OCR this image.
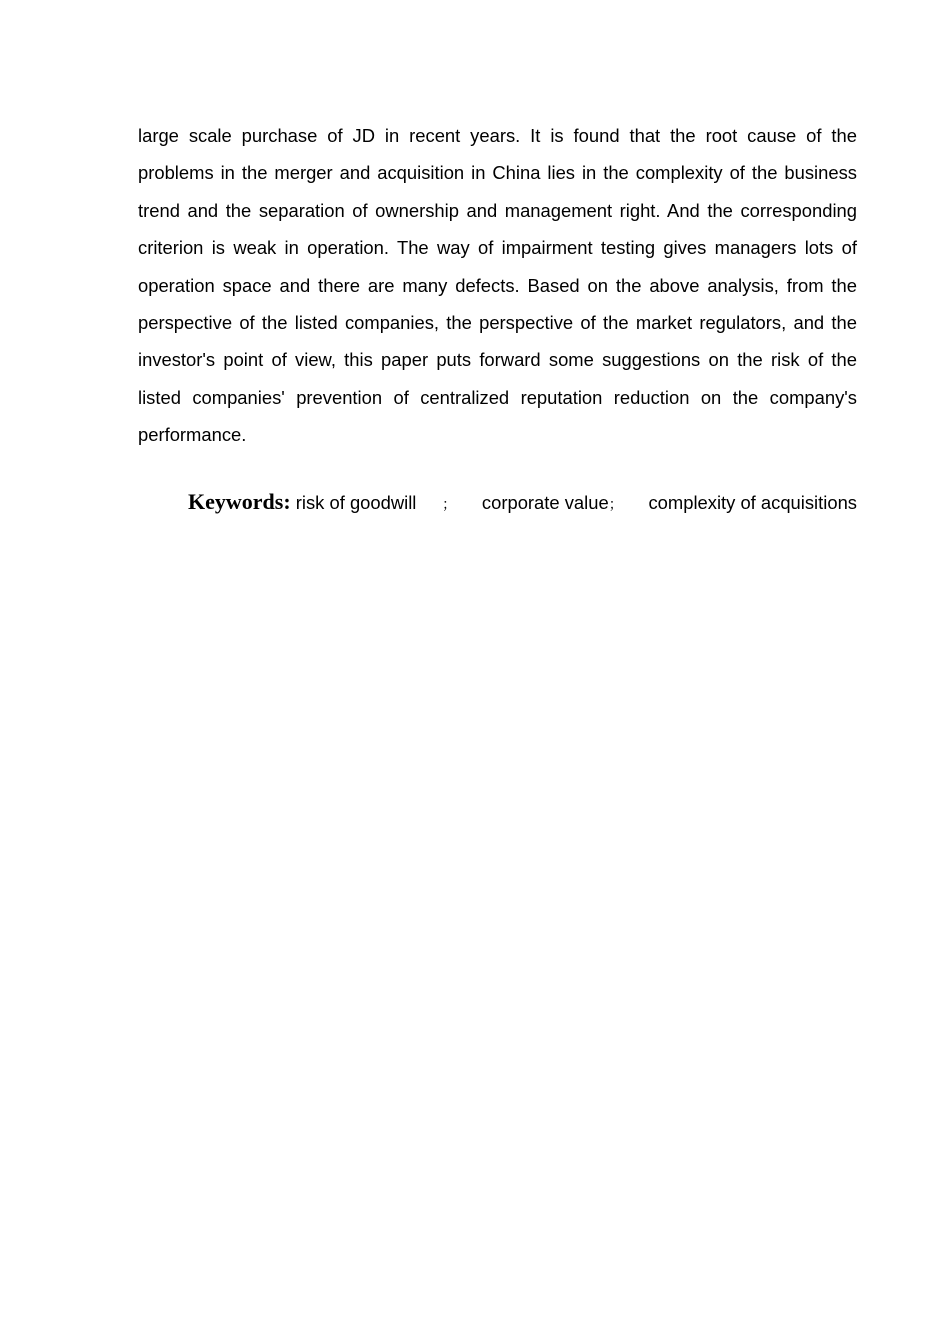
large scale purchase of JD in recent years. It is found that the root cause of the problems in the merger and acquisition in China lies in the complexity of the business trend and the separation of ownership and management right. And the corresponding criterion is weak in operation. The way of impairment testing gives managers lots of operation space and there are many defects. Based on the above analysis, from the perspective of the listed companies, the perspective of the market regulators, and the investor's point of view, this paper puts forward some suggestions on the risk of the listed companies' prevention of centralized reputation reduction on the company's performance.

Keywords: risk of goodwill ； corporate value； complexity of acquisitions
